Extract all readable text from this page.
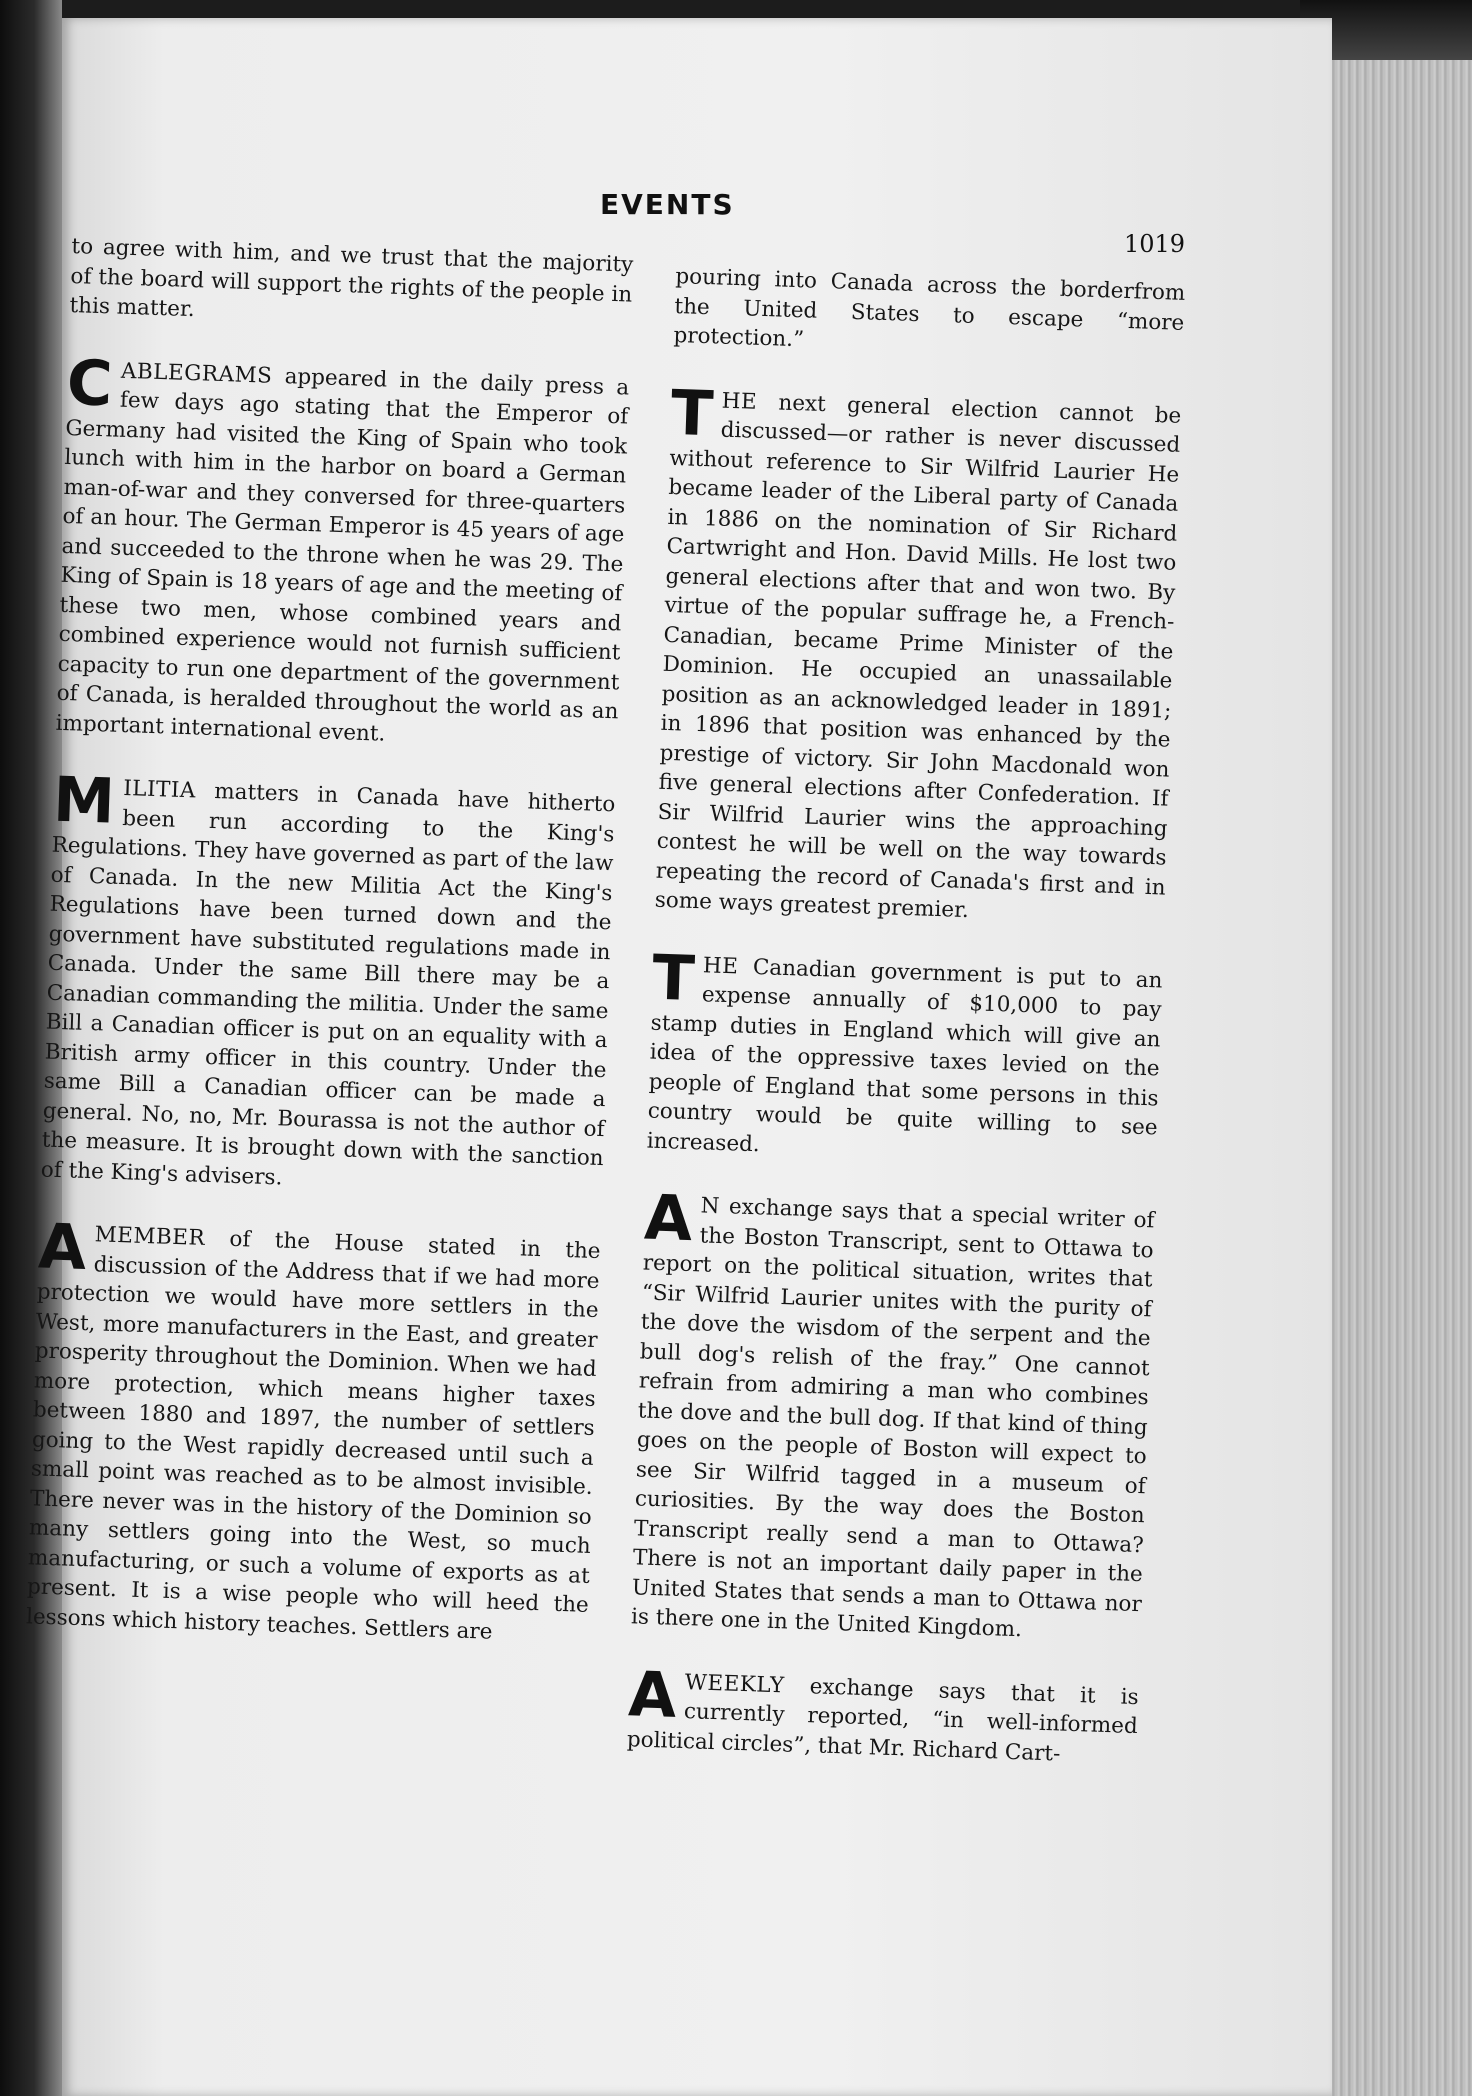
EVENTS
1019

to agree with him, and we trust that the majority of the board will support the rights of the people in this matter.

CABLEGRAMS appeared in the daily press a few days ago stating that the Emperor of Germany had visited the King of Spain who took lunch with him in the harbor on board a German man-of-war and they conversed for three-quarters of an hour. The German Emperor is 45 years of age and succeeded to the throne when he was 29. The King of Spain is 18 years of age and the meeting of these two men, whose combined years and combined experience would not furnish sufficient capacity to run one department of the government of Canada, is heralded throughout the world as an important international event.

MILITIA matters in Canada have hitherto been run according to the King's Regulations. They have governed as part of the law of Canada. In the new Militia Act the King's Regulations have been turned down and the government have substituted regulations made in Canada. Under the same Bill there may be a Canadian commanding the militia. Under the same Bill a Canadian officer is put on an equality with a British army officer in this country. Under the same Bill a Canadian officer can be made a general. No, no, Mr. Bourassa is not the author of the measure. It is brought down with the sanction of the King's advisers.

AMEMBER of the House stated in the discussion of the Address that if we had more protection we would have more settlers in the West, more manufacturers in the East, and greater prosperity throughout the Dominion. When we had more protection, which means higher taxes between 1880 and 1897, the number of settlers going to the West rapidly decreased until such a small point was reached as to be almost invisible. There never was in the history of the Dominion so many settlers going into the West, so much manufacturing, or such a volume of exports as at present. It is a wise people who will heed the lessons which history teaches. Settlers are

pouring into Canada across the borderfrom the United States to escape “more protection.”

THE next general election cannot be discussed—or rather is never discussed without reference to Sir Wilfrid Laurier He became leader of the Liberal party of Canada in 1886 on the nomination of Sir Richard Cartwright and Hon. David Mills. He lost two general elections after that and won two. By virtue of the popular suffrage he, a French-Canadian, became Prime Minister of the Dominion. He occupied an unassailable position as an acknowledged leader in 1891; in 1896 that position was enhanced by the prestige of victory. Sir John Macdonald won five general elections after Confederation. If Sir Wilfrid Laurier wins the approaching contest he will be well on the way towards repeating the record of Canada's first and in some ways greatest premier.

THE Canadian government is put to an expense annually of $10,000 to pay stamp duties in England which will give an idea of the oppressive taxes levied on the people of England that some persons in this country would be quite willing to see increased.

A N exchange says that a special writer of the Boston Transcript, sent to Ottawa to report on the political situation, writes that “Sir Wilfrid Laurier unites with the purity of the dove the wisdom of the serpent and the bull dog's relish of the fray.” One cannot refrain from admiring a man who combines the dove and the bull dog. If that kind of thing goes on the people of Boston will expect to see Sir Wilfrid tagged in a museum of curiosities. By the way does the Boston Transcript really send a man to Ottawa? There is not an important daily paper in the United States that sends a man to Ottawa nor is there one in the United Kingdom.

AWEEKLY exchange says that it is currently reported, “in well-informed political circles”, that Mr. Richard Cart-
